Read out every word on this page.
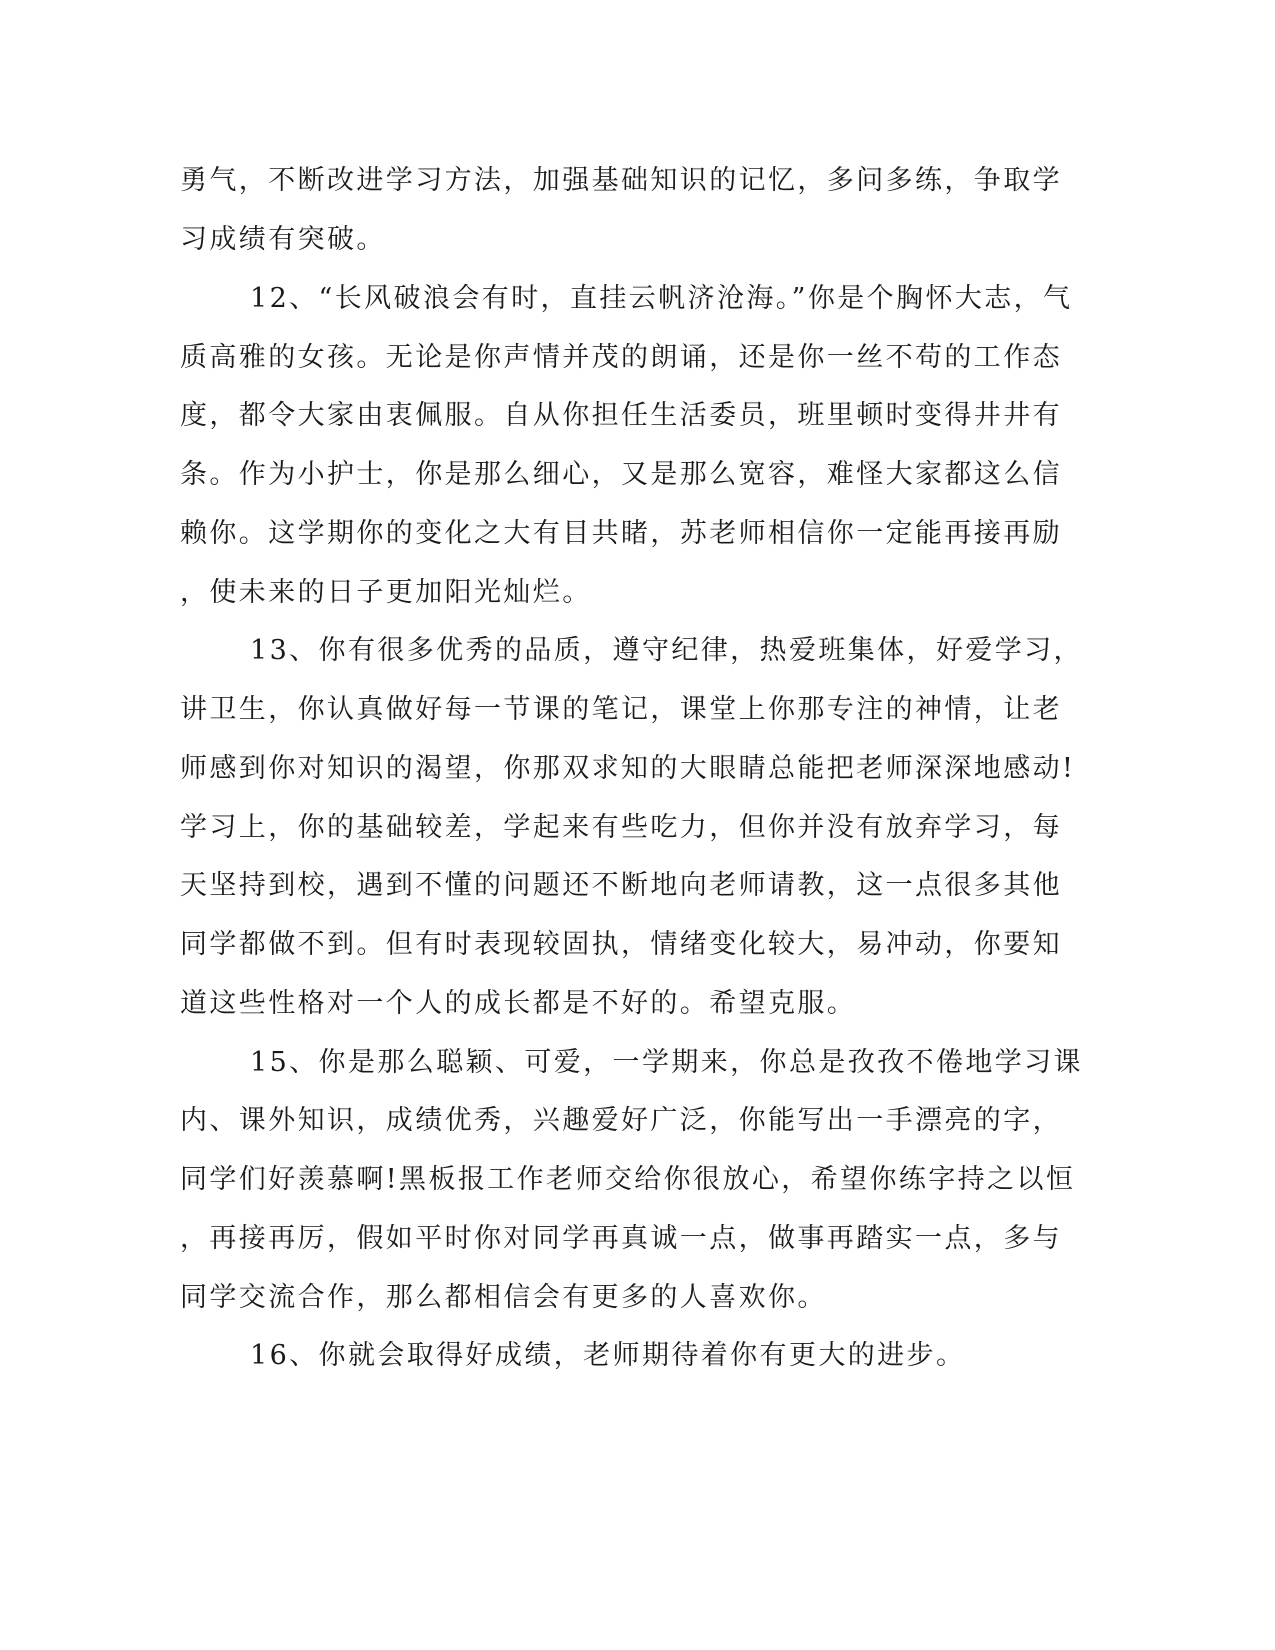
勇气，不断改进学习方法，加强基础知识的记忆，多问多练，争取学
习成绩有突破。
12、“长风破浪会有时，直挂云帆济沧海。”你是个胸怀大志，气
质高雅的女孩。无论是你声情并茂的朗诵，还是你一丝不苟的工作态
度，都令大家由衷佩服。自从你担任生活委员，班里顿时变得井井有
条。作为小护士，你是那么细心，又是那么宽容，难怪大家都这么信
赖你。这学期你的变化之大有目共睹，苏老师相信你一定能再接再励
，使未来的日子更加阳光灿烂。
13、你有很多优秀的品质，遵守纪律，热爱班集体，好爱学习，
讲卫生，你认真做好每一节课的笔记，课堂上你那专注的神情，让老
师感到你对知识的渴望，你那双求知的大眼睛总能把老师深深地感动!
学习上，你的基础较差，学起来有些吃力，但你并没有放弃学习，每
天坚持到校，遇到不懂的问题还不断地向老师请教，这一点很多其他
同学都做不到。但有时表现较固执，情绪变化较大，易冲动，你要知
道这些性格对一个人的成长都是不好的。希望克服。
15、你是那么聪颖、可爱，一学期来，你总是孜孜不倦地学习课
内、课外知识，成绩优秀，兴趣爱好广泛，你能写出一手漂亮的字，
同学们好羡慕啊!黑板报工作老师交给你很放心，希望你练字持之以恒
，再接再厉，假如平时你对同学再真诚一点，做事再踏实一点，多与
同学交流合作，那么都相信会有更多的人喜欢你。
16、你就会取得好成绩，老师期待着你有更大的进步。
